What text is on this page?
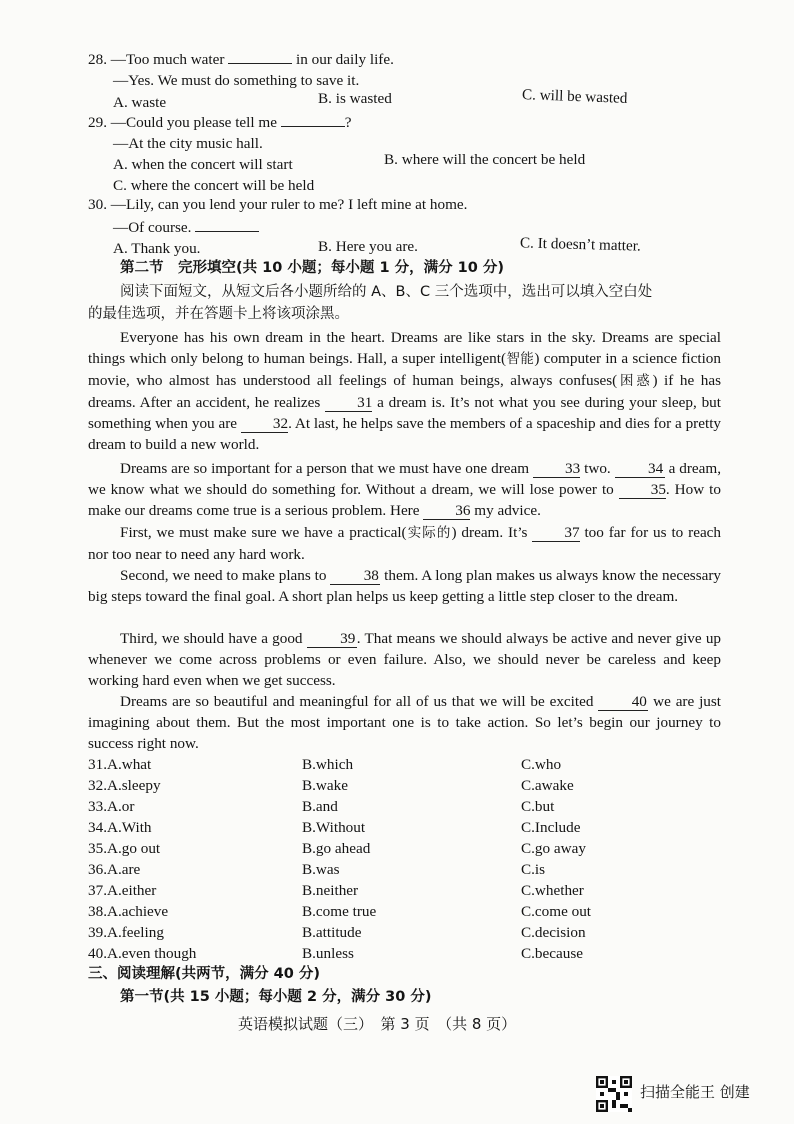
28. —Too much water	in our daily life.
—Yes. We must do something to save it.
A. waste	B. is wasted	C. will be wasted
29. —Could you please tell me	?
—At the city music hall.
A. when the concert will start	B. where will the concert be held
C. where the concert will be held
30. —Lily, can you lend your ruler to me? I left mine at home.
—Of course.
A. Thank you.	B. Here you are.	C. It doesn’t matter.
第二节　完形填空(共 10 小题；每小题 1 分，满分 10 分)
阅读下面短文，从短文后各小题所给的 A、B、C 三个选项中，选出可以填入空白处
的最佳选项，并在答题卡上将该项涂黑。
Everyone has his own dream in the heart. Dreams are like stars in the sky. Dreams are special things which only belong to human beings. Hall, a super intelligent(智能) computer in a science fiction movie, who almost has understood all feelings of human beings, always confuses(困惑) if he has dreams. After an accident, he realizes 31 a dream is. It’s not what you see during your sleep, but something when you are 32. At last, he helps save the members of a spaceship and dies for a pretty dream to build a new world.
Dreams are so important for a person that we must have one dream 33 two. 34 a dream, we know what we should do something for. Without a dream, we will lose power to 35. How to make our dreams come true is a serious problem. Here 36 my advice.
First, we must make sure we have a practical(实际的) dream. It’s 37 too far for us to reach nor too near to need any hard work.
Second, we need to make plans to 38 them. A long plan makes us always know the necessary big steps toward the final goal. A short plan helps us keep getting a little step closer to the dream.
Third, we should have a good 39. That means we should always be active and never give up whenever we come across problems or even failure. Also, we should never be careless and keep working hard even when we get success.
Dreams are so beautiful and meaningful for all of us that we will be excited	40 we are just imagining about them. But the most important one is to take action. So let’s begin our journey to success right now.
31.A.what	B.which	C.who
32.A.sleepy	B.wake	C.awake
33.A.or	B.and	C.but
34.A.With	B.Without	C.Include
35.A.go out	B.go ahead	C.go away
36.A.are	B.was	C.is
37.A.either	B.neither	C.whether
38.A.achieve	B.come true	C.come out
39.A.feeling	B.attitude	C.decision
40.A.even though	B.unless	C.because
三、阅读理解(共两节，满分 40 分)
第一节(共 15 小题；每小题 2 分，满分 30 分)
英语模拟试题（三）　第 3 页　（共 8 页）
扫描全能王 创建
